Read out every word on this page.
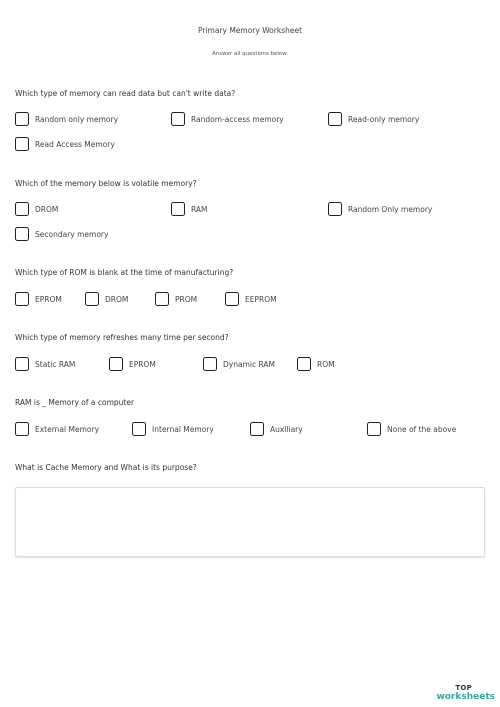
Primary Memory Worksheet
Answer all questions below.
Which type of memory can read data but can't write data?
Random only memory	Random-access memory	Read-only memory
Read Access Memory
Which of the memory below is volatile memory?
DROM	RAM	Random Only memory
Secondary memory
Which type of ROM is blank at the time of manufacturing?
EPROM	DROM	PROM	EEPROM
Which type of memory refreshes many time per second?
Static RAM	EPROM	Dynamic RAM	ROM
RAM is _ Memory of a computer
External Memory	Internal Memory	Auxiliary	None of the above
What is Cache Memory and What is its purpose?
TOP
worksheets
